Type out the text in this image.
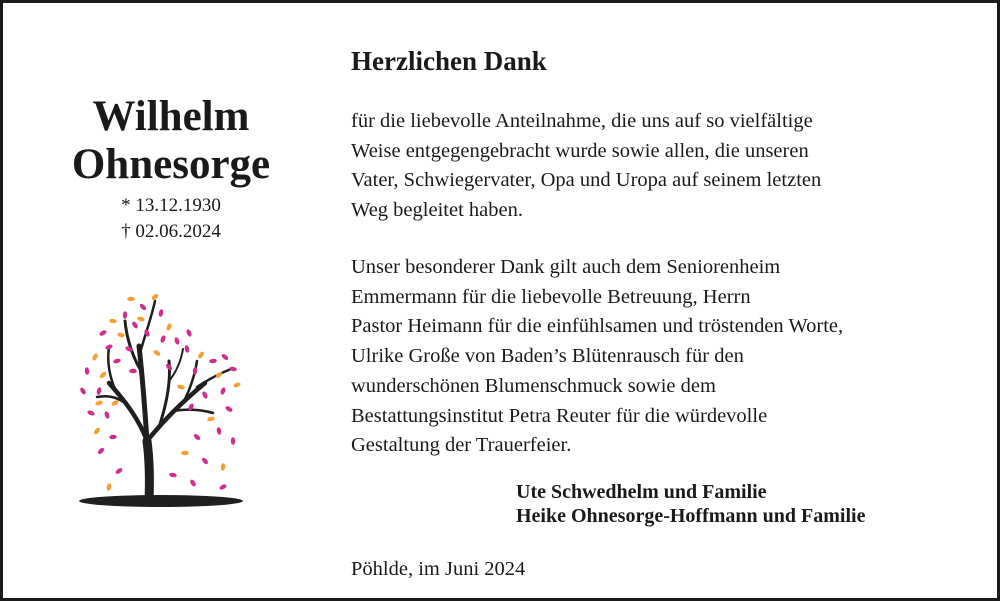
Wilhelm
Ohnesorge
* 13.12.1930
† 02.06.2024
Herzlichen Dank
für die liebevolle Anteilnahme, die uns auf so vielfältige
Weise entgegengebracht wurde sowie allen, die unseren
Vater, Schwiegervater, Opa und Uropa auf seinem letzten
Weg begleitet haben.
Unser besonderer Dank gilt auch dem Seniorenheim
Emmermann für die liebevolle Betreuung, Herrn
Pastor Heimann für die einfühlsamen und tröstenden Worte,
Ulrike Große von Baden’s Blütenrausch für den
wunderschönen Blumenschmuck sowie dem
Bestattungsinstitut Petra Reuter für die würdevolle
Gestaltung der Trauerfeier.
Ute Schwedhelm und Familie
Heike Ohnesorge-Hoffmann und Familie
Pöhlde, im Juni 2024
